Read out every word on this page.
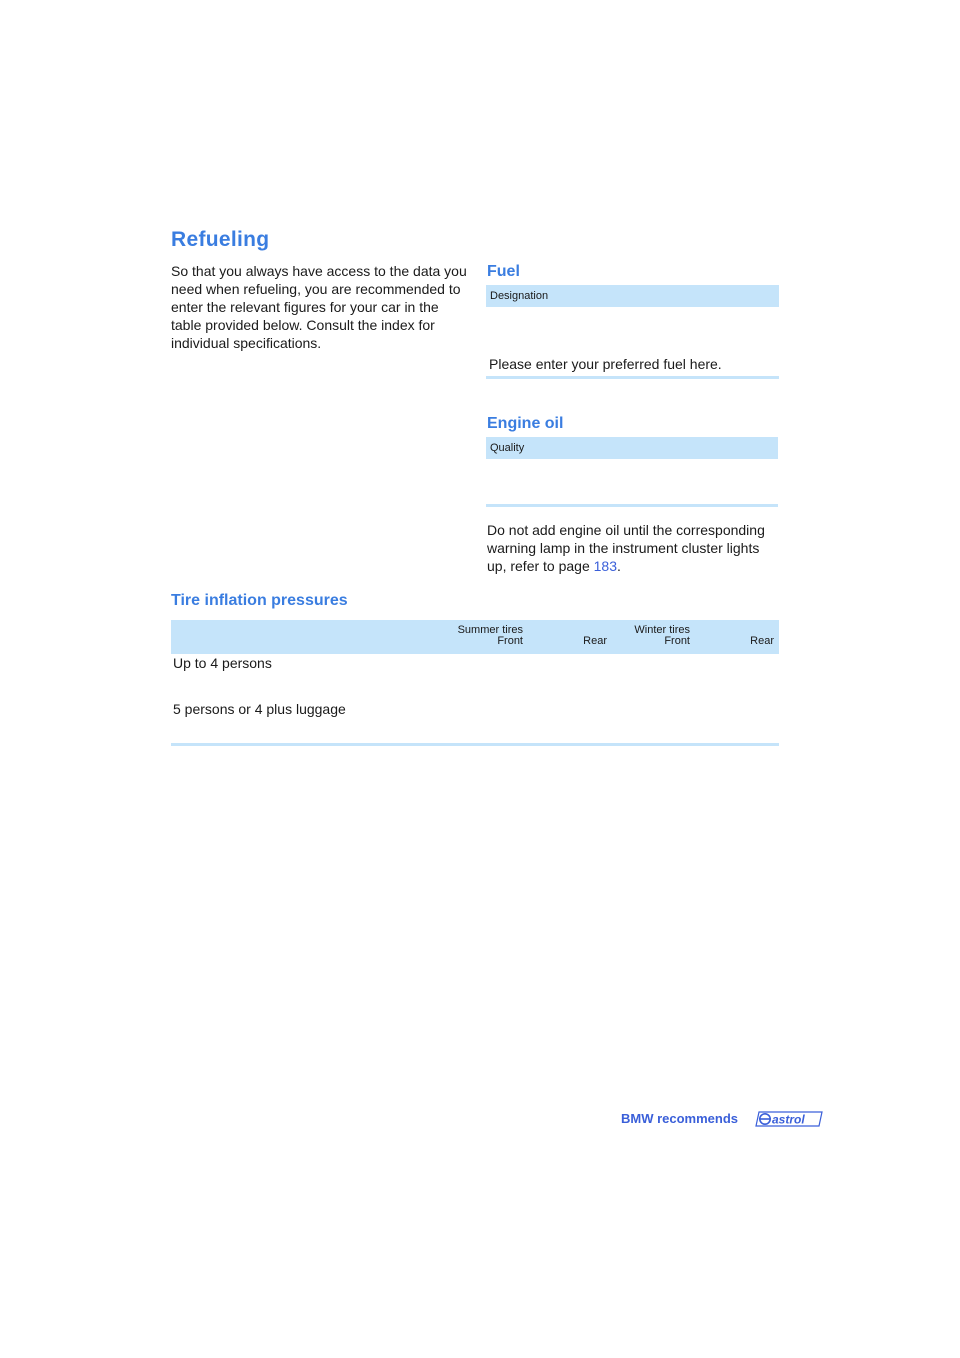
Refueling
So that you always have access to the data you need when refueling, you are recommended to enter the relevant figures for your car in the table provided below. Consult the index for individual specifications.
Fuel
Designation
Please enter your preferred fuel here.
Engine oil
Quality
Do not add engine oil until the corresponding warning lamp in the instrument cluster lights up, refer to page 183.
Tire inflation pressures
Summer tires
Front	Rear
Winter tires
Front	Rear
Up to 4 persons
5 persons or 4 plus luggage
BMW recommends	astrol
